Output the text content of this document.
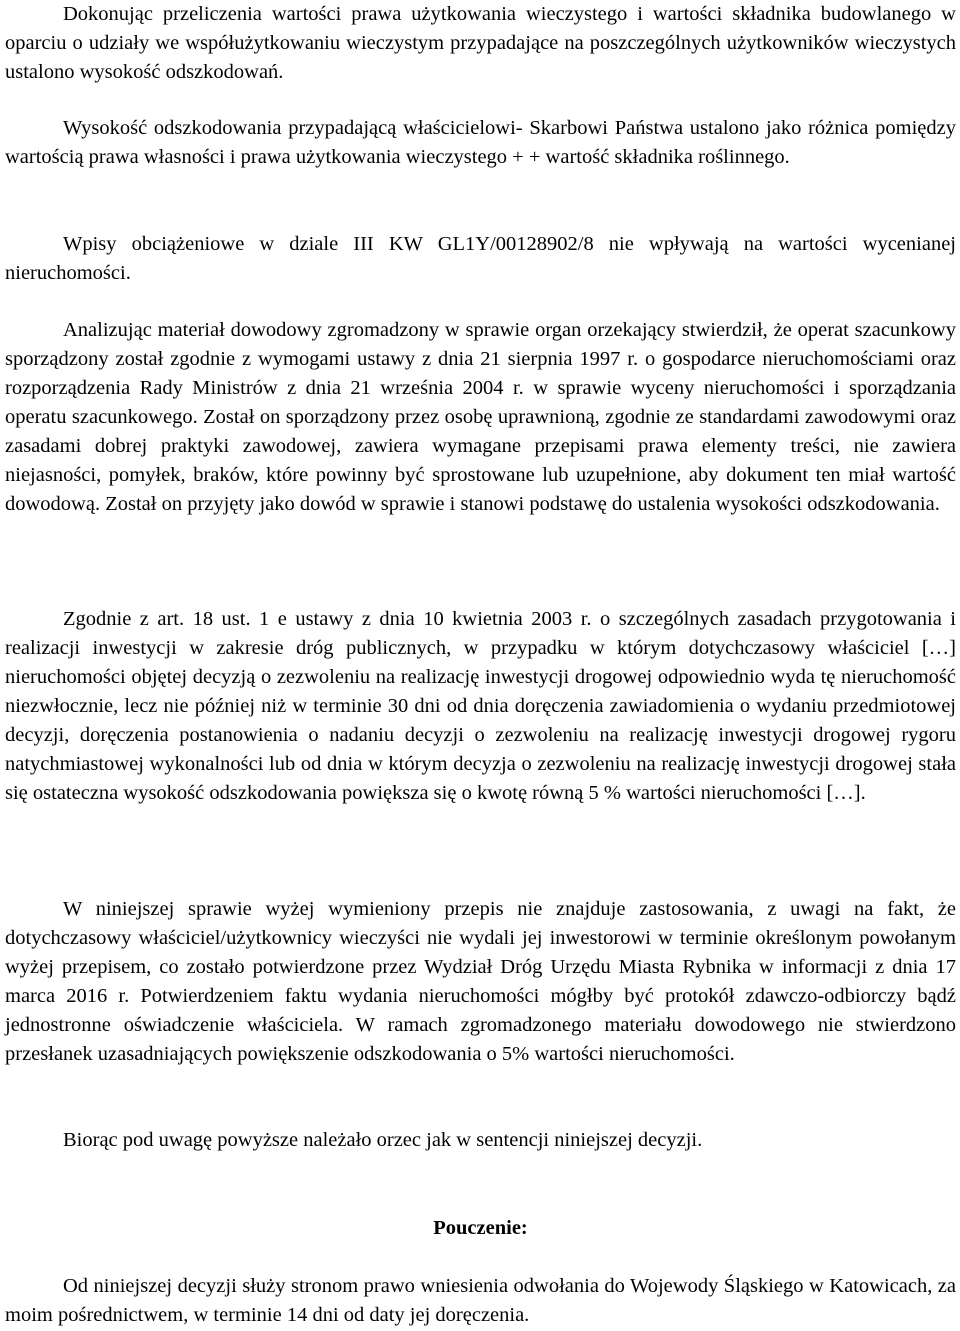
Dokonując przeliczenia wartości prawa użytkowania wieczystego i wartości składnika budowlanego w oparciu o udziały we współużytkowaniu wieczystym przypadające na poszczególnych użytkowników wieczystych ustalono wysokość odszkodowań.

Wysokość odszkodowania przypadającą właścicielowi- Skarbowi Państwa ustalono jako różnica pomiędzy wartością prawa własności i prawa użytkowania wieczystego + + wartość składnika roślinnego.

Wpisy obciążeniowe w dziale III KW GL1Y/00128902/8 nie wpływają na wartości wycenianej nieruchomości.

Analizując materiał dowodowy zgromadzony w sprawie organ orzekający stwierdził, że operat szacunkowy sporządzony został zgodnie z wymogami ustawy z dnia 21 sierpnia 1997 r. o gospodarce nieruchomościami oraz rozporządzenia Rady Ministrów z dnia 21 września 2004 r. w sprawie wyceny nieruchomości i sporządzania operatu szacunkowego. Został on sporządzony przez osobę uprawnioną, zgodnie ze standardami zawodowymi oraz zasadami dobrej praktyki zawodowej, zawiera wymagane przepisami prawa elementy treści, nie zawiera niejasności, pomyłek, braków, które powinny być sprostowane lub uzupełnione, aby dokument ten miał wartość dowodową. Został on przyjęty jako dowód w sprawie i stanowi podstawę do ustalenia wysokości odszkodowania.

Zgodnie z art. 18 ust. 1 e ustawy z dnia 10 kwietnia 2003 r. o szczególnych zasadach przygotowania i realizacji inwestycji w zakresie dróg publicznych, w przypadku w którym dotychczasowy właściciel […] nieruchomości objętej decyzją o zezwoleniu na realizację inwestycji drogowej odpowiednio wyda tę nieruchomość niezwłocznie, lecz nie później niż w terminie 30 dni od dnia doręczenia zawiadomienia o wydaniu przedmiotowej decyzji, doręczenia postanowienia o nadaniu decyzji o zezwoleniu na realizację inwestycji drogowej rygoru natychmiastowej wykonalności lub od dnia w którym decyzja o zezwoleniu na realizację inwestycji drogowej stała się ostateczna wysokość odszkodowania powiększa się o kwotę równą 5 % wartości nieruchomości […].

W niniejszej sprawie wyżej wymieniony przepis nie znajduje zastosowania, z uwagi na fakt, że dotychczasowy właściciel/użytkownicy wieczyści nie wydali jej inwestorowi w terminie określonym powołanym wyżej przepisem, co zostało potwierdzone przez Wydział Dróg Urzędu Miasta Rybnika w informacji z dnia 17 marca 2016 r. Potwierdzeniem faktu wydania nieruchomości mógłby być protokół zdawczo-odbiorczy bądź jednostronne oświadczenie właściciela. W ramach zgromadzonego materiału dowodowego nie stwierdzono przesłanek uzasadniających powiększenie odszkodowania o 5% wartości nieruchomości.

Biorąc pod uwagę powyższe należało orzec jak w sentencji niniejszej decyzji.

Pouczenie:

Od niniejszej decyzji służy stronom prawo wniesienia odwołania do Wojewody Śląskiego w Katowicach, za moim pośrednictwem, w terminie 14 dni od daty jej doręczenia.
